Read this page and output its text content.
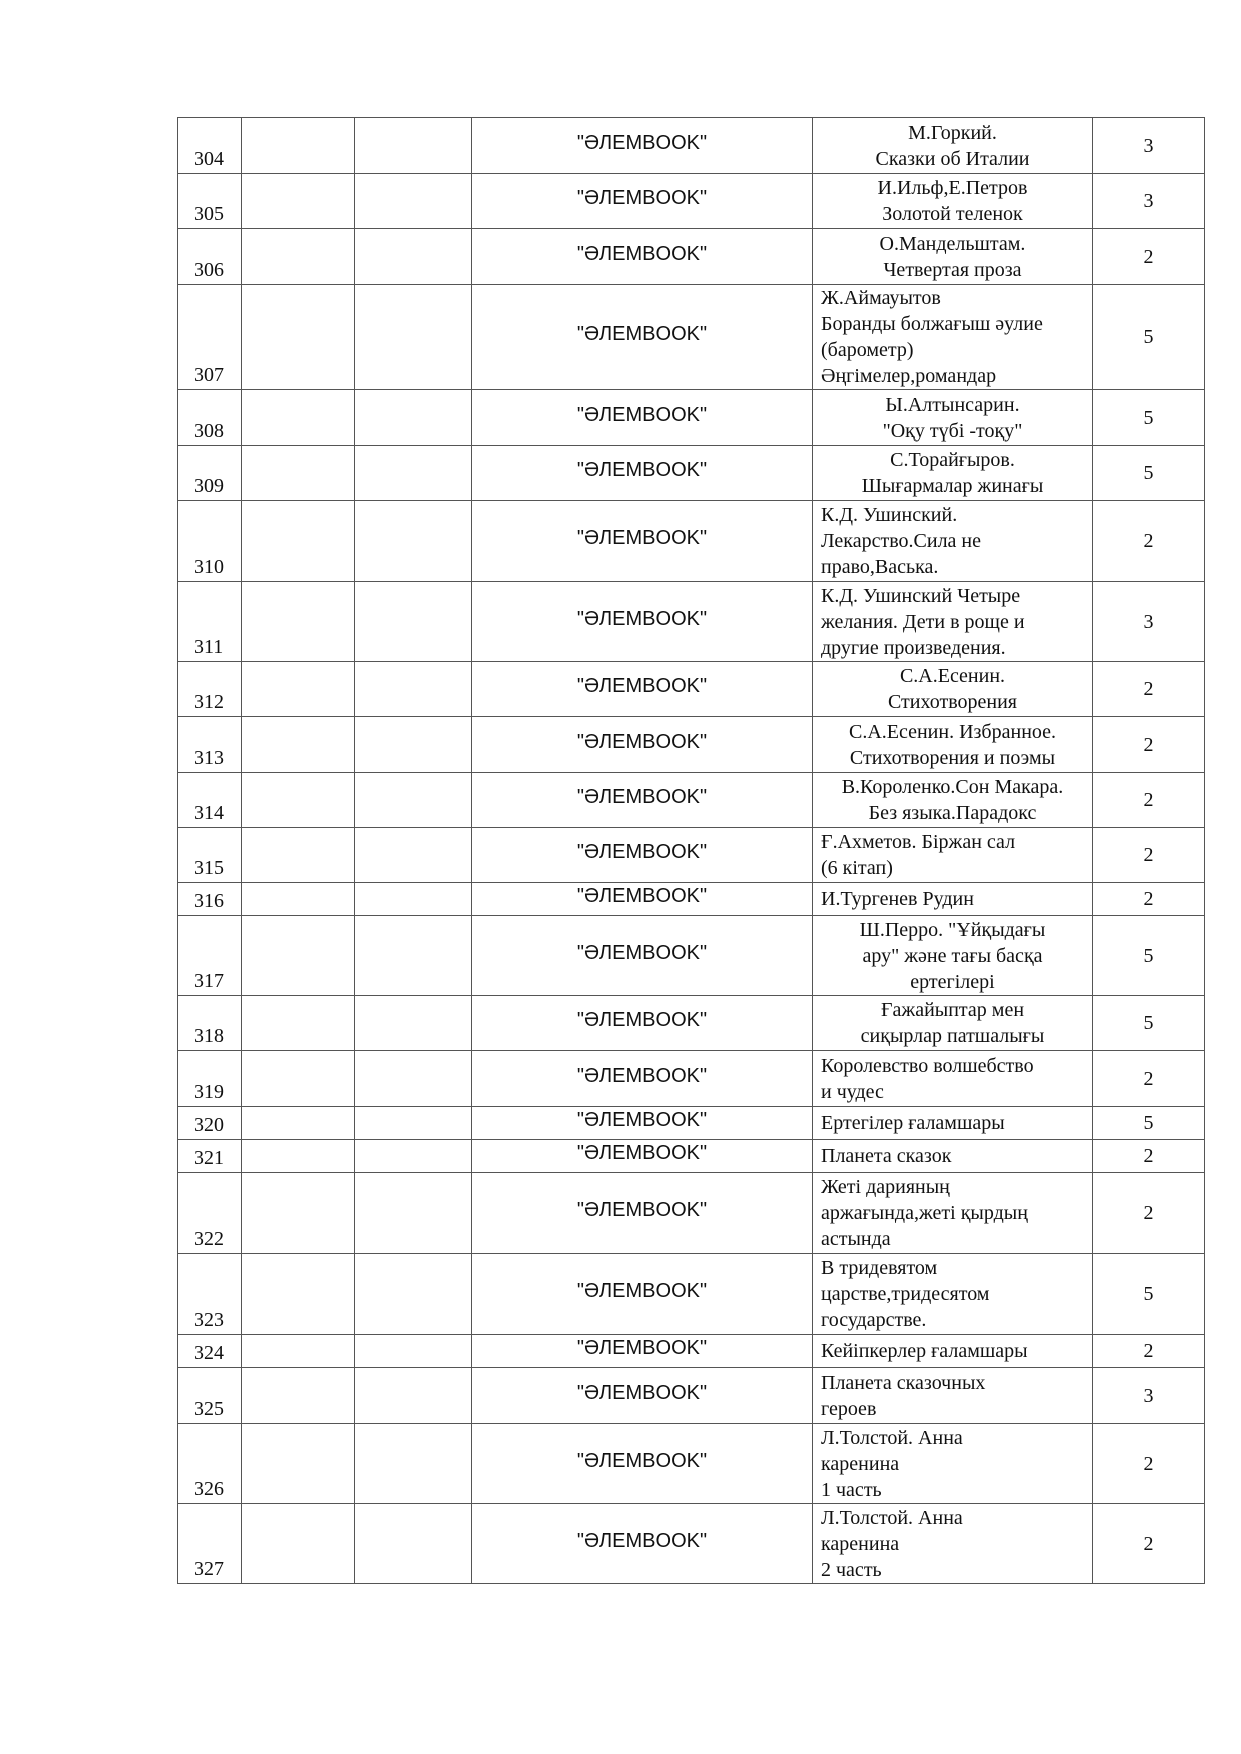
304			"ӘЛЕМBOOK"	М.Горкий.
Сказки об Италии	3
305			"ӘЛЕМBOOK"	И.Ильф,Е.Петров
Золотой теленок	3
306			"ӘЛЕМBOOK"	О.Мандельштам.
Четвертая проза	2
307			"ӘЛЕМBOOK"	Ж.Аймауытов
Боранды болжағыш әулие
(барометр)
Әңгімелер,романдар	5
308			"ӘЛЕМBOOK"	Ы.Алтынсарин.
"Оқу түбі -тоқу"	5
309			"ӘЛЕМBOOK"	С.Торайғыров.
Шығармалар жинағы	5
310			"ӘЛЕМBOOK"	К.Д. Ушинский.
Лекарство.Сила не
право,Васька.	2
311			"ӘЛЕМBOOK"	К.Д. Ушинский Четыре
желания. Дети в роще и
другие произведения.	3
312			"ӘЛЕМBOOK"	С.А.Есенин.
Стихотворения	2
313			"ӘЛЕМBOOK"	С.А.Есенин. Избранное.
Стихотворения и поэмы	2
314			"ӘЛЕМBOOK"	В.Короленко.Сон Макара.
Без языка.Парадокс	2
315			"ӘЛЕМBOOK"	Ғ.Ахметов. Біржан сал
(6 кітап)	2
316			"ӘЛЕМBOOK"	И.Тургенев Рудин	2
317			"ӘЛЕМBOOK"	Ш.Перро. "Ұйқыдағы
ару" және тағы басқа
ертегілері	5
318			"ӘЛЕМBOOK"	Ғажайыптар мен
сиқырлар патшалығы	5
319			"ӘЛЕМBOOK"	Королевство волшебство
и чудес	2
320			"ӘЛЕМBOOK"	Ертегілер ғаламшары	5
321			"ӘЛЕМBOOK"	Планета сказок	2
322			"ӘЛЕМBOOK"	Жеті дарияның
аржағында,жеті қырдың
астында	2
323			"ӘЛЕМBOOK"	В тридевятом
царстве,тридесятом
государстве.	5
324			"ӘЛЕМBOOK"	Кейіпкерлер ғаламшары	2
325			"ӘЛЕМBOOK"	Планета сказочных
героев	3
326			"ӘЛЕМBOOK"	Л.Толстой. Анна
каренина
1 часть	2
327			"ӘЛЕМBOOK"	Л.Толстой. Анна
каренина
2 часть	2
